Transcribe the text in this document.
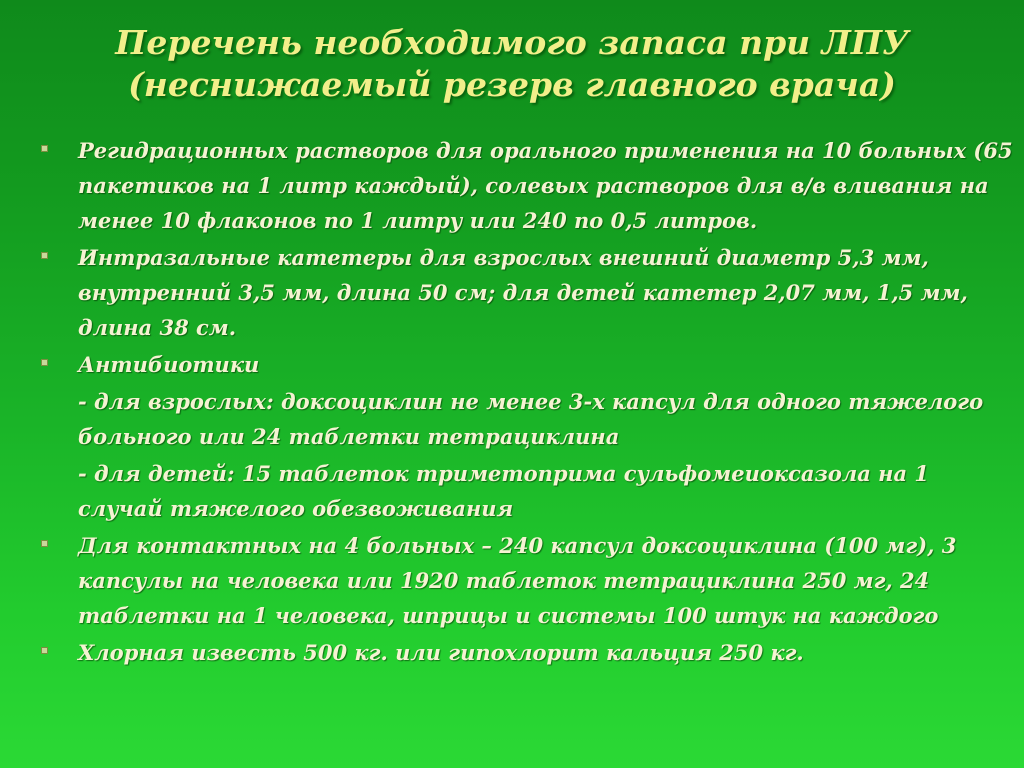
Перечень необходимого запаса при ЛПУ
(неснижаемый резерв главного врача)
Регидрационных растворов для орального применения на 10 больных (65 пакетиков на 1 литр каждый), солевых растворов для в/в вливания на менее 10 флаконов по 1 литру или 240 по 0,5 литров.
Интразальные катетеры для взрослых внешний диаметр 5,3 мм, внутренний 3,5 мм, длина 50 см; для детей катетер 2,07 мм, 1,5 мм, длина 38 см.
Антибиотики
- для взрослых: доксоциклин не менее 3-х капсул для одного тяжелого больного или 24 таблетки тетрациклина
- для детей: 15 таблеток триметоприма сульфомеиоксазола на 1 случай тяжелого обезвоживания
Для контактных на 4 больных – 240 капсул доксоциклина (100 мг), 3 капсулы на человека или 1920 таблеток тетрациклина 250 мг, 24 таблетки на 1 человека, шприцы и системы 100 штук на каждого
Хлорная известь 500 кг. или гипохлорит кальция 250 кг.
